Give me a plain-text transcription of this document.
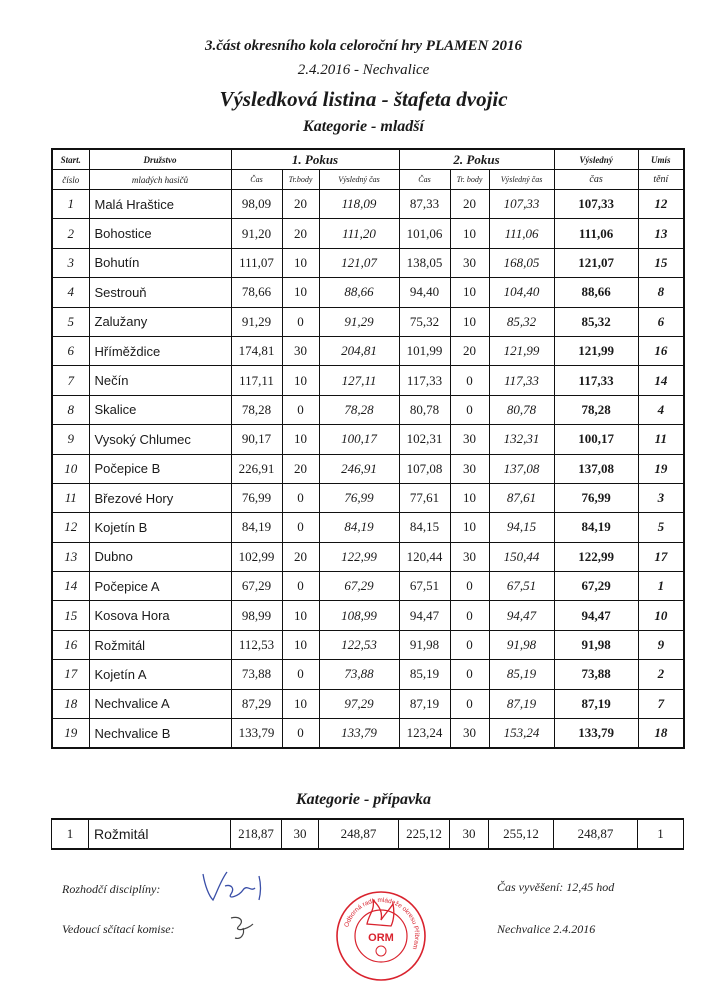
3.část okresního kola celoroční hry PLAMEN 2016
2.4.2016 - Nechvalice
Výsledková listina - štafeta dvojic
Kategorie - mladší
Start.	Družstvo	1. Pokus			2. Pokus			Výsledný	Umís
číslo	mladých hasičů	Čas	Tr.body	Výsledný čas	Čas	Tr. body	Výsledný čas	čas	tění
1	Malá Hraštice	98,09	20	118,09	87,33	20	107,33	107,33	12
2	Bohostice	91,20	20	111,20	101,06	10	111,06	111,06	13
3	Bohutín	111,07	10	121,07	138,05	30	168,05	121,07	15
4	Sestrouň	78,66	10	88,66	94,40	10	104,40	88,66	8
5	Zalužany	91,29	0	91,29	75,32	10	85,32	85,32	6
6	Hříměždice	174,81	30	204,81	101,99	20	121,99	121,99	16
7	Nečín	117,11	10	127,11	117,33	0	117,33	117,33	14
8	Skalice	78,28	0	78,28	80,78	0	80,78	78,28	4
9	Vysoký Chlumec	90,17	10	100,17	102,31	30	132,31	100,17	11
10	Počepice B	226,91	20	246,91	107,08	30	137,08	137,08	19
11	Březové Hory	76,99	0	76,99	77,61	10	87,61	76,99	3
12	Kojetín B	84,19	0	84,19	84,15	10	94,15	84,19	5
13	Dubno	102,99	20	122,99	120,44	30	150,44	122,99	17
14	Počepice A	67,29	0	67,29	67,51	0	67,51	67,29	1
15	Kosova Hora	98,99	10	108,99	94,47	0	94,47	94,47	10
16	Rožmitál	112,53	10	122,53	91,98	0	91,98	91,98	9
17	Kojetín A	73,88	0	73,88	85,19	0	85,19	73,88	2
18	Nechvalice A	87,29	10	97,29	87,19	0	87,19	87,19	7
19	Nechvalice B	133,79	0	133,79	123,24	30	153,24	133,79	18
Kategorie - přípavka
1	Rožmitál	218,87	30	248,87	225,12	30	255,12	248,87	1
Rozhodčí disciplíny:
Vedoucí sčítací komise:
Čas vyvěšení: 12,45 hod
Nechvalice 2.4.2016
ORM
Odborná rada mládeže okresu Příbram
